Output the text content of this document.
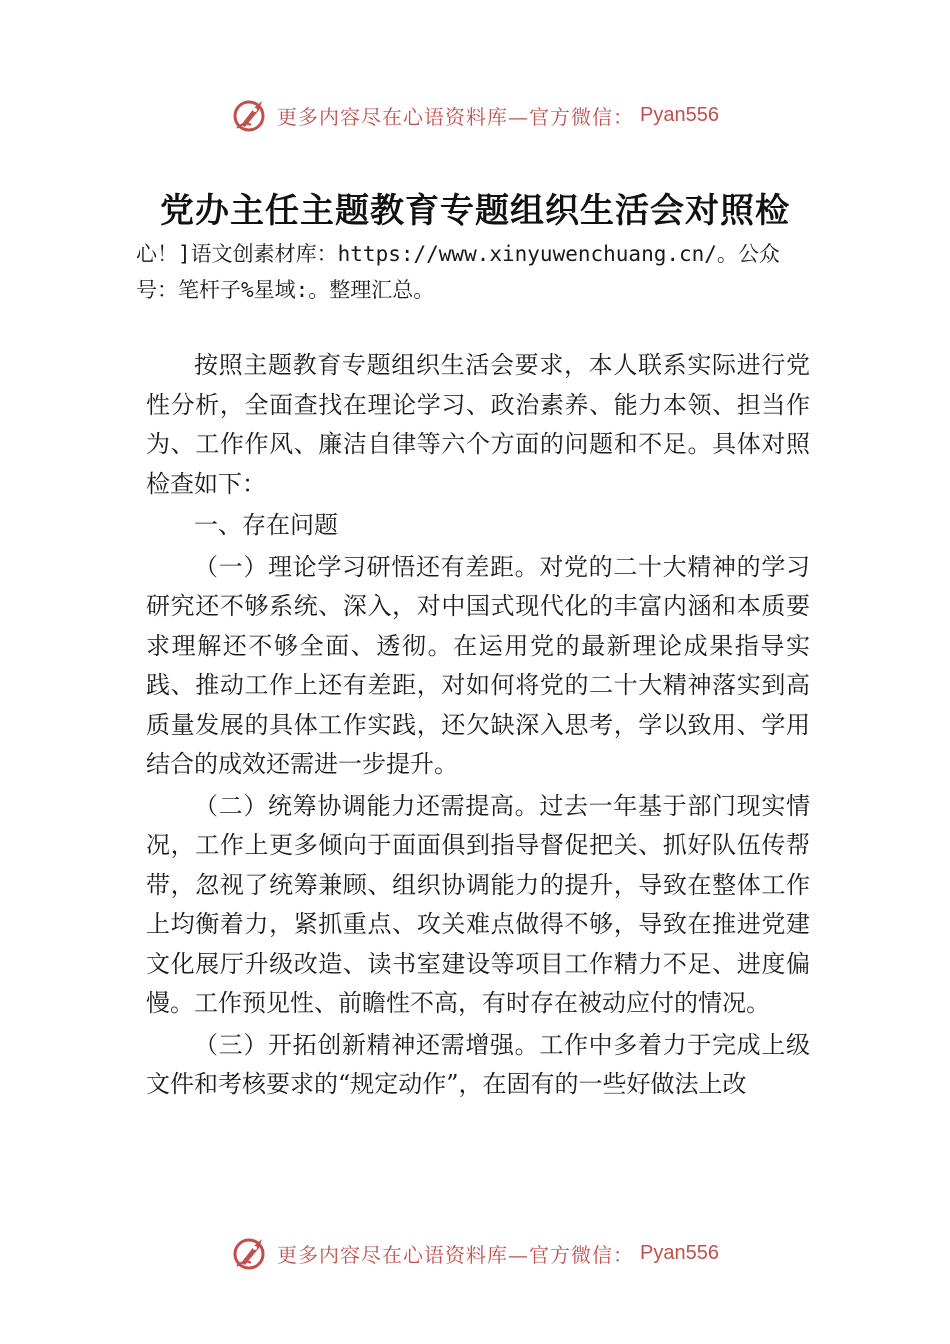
更多内容尽在心语资料库—官方微信： Pyan556
党办主任主题教育专题组织生活会对照检
心！]语文创素材库：https://www.xinyuwenchuang.cn/。公众号：笔杆子%星域:。整理汇总。

按照主题教育专题组织生活会要求，本人联系实际进行党性分析，全面查找在理论学习、政治素养、能力本领、担当作为、工作作风、廉洁自律等六个方面的问题和不足。具体对照检查如下：

一、存在问题

（一）理论学习研悟还有差距。对党的二十大精神的学习研究还不够系统、深入，对中国式现代化的丰富内涵和本质要求理解还不够全面、透彻。在运用党的最新理论成果指导实践、推动工作上还有差距，对如何将党的二十大精神落实到高质量发展的具体工作实践，还欠缺深入思考，学以致用、学用结合的成效还需进一步提升。

（二）统筹协调能力还需提高。过去一年基于部门现实情况，工作上更多倾向于面面俱到指导督促把关、抓好队伍传帮带，忽视了统筹兼顾、组织协调能力的提升，导致在整体工作上均衡着力，紧抓重点、攻关难点做得不够，导致在推进党建文化展厅升级改造、读书室建设等项目工作精力不足、进度偏慢。工作预见性、前瞻性不高，有时存在被动应付的情况。

（三）开拓创新精神还需增强。工作中多着力于完成上级文件和考核要求的“规定动作”，在固有的一些好做法上改

更多内容尽在心语资料库—官方微信： Pyan556
